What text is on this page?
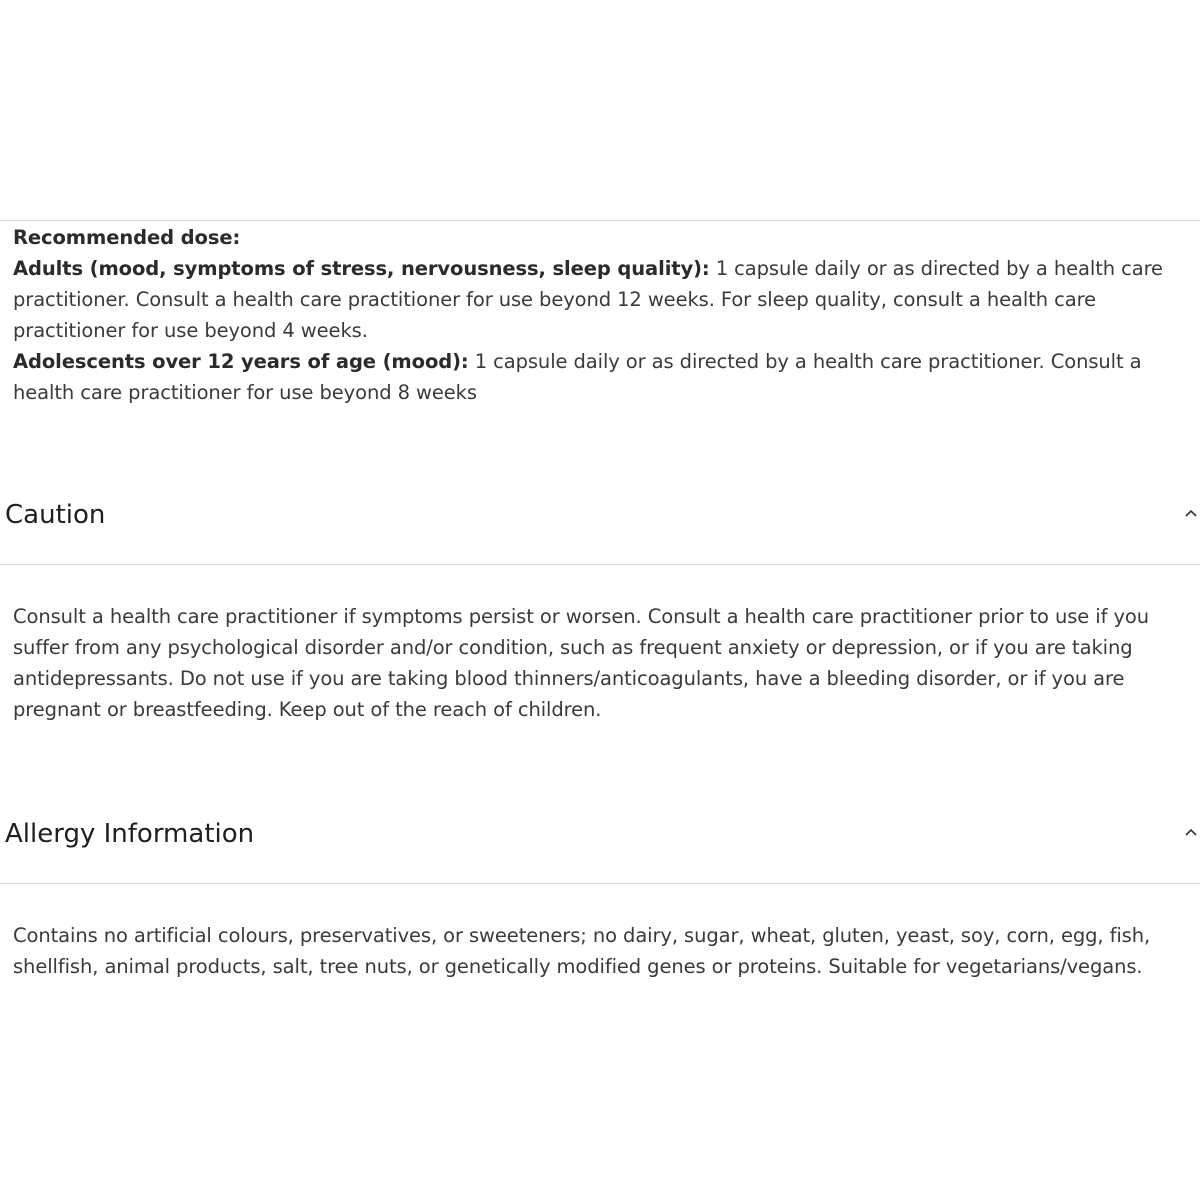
Recommended dose:

Adults (mood, symptoms of stress, nervousness, sleep quality): 1 capsule daily or as directed by a health care practitioner. Consult a health care practitioner for use beyond 12 weeks. For sleep quality, consult a health care practitioner for use beyond 4 weeks.

Adolescents over 12 years of age (mood): 1 capsule daily or as directed by a health care practitioner. Consult a health care practitioner for use beyond 8 weeks

Caution

Consult a health care practitioner if symptoms persist or worsen. Consult a health care practitioner prior to use if you suffer from any psychological disorder and/or condition, such as frequent anxiety or depression, or if you are taking antidepressants. Do not use if you are taking blood thinners/anticoagulants, have a bleeding disorder, or if you are pregnant or breastfeeding. Keep out of the reach of children.

Allergy Information

Contains no artificial colours, preservatives, or sweeteners; no dairy, sugar, wheat, gluten, yeast, soy, corn, egg, fish, shellfish, animal products, salt, tree nuts, or genetically modified genes or proteins. Suitable for vegetarians/vegans.
